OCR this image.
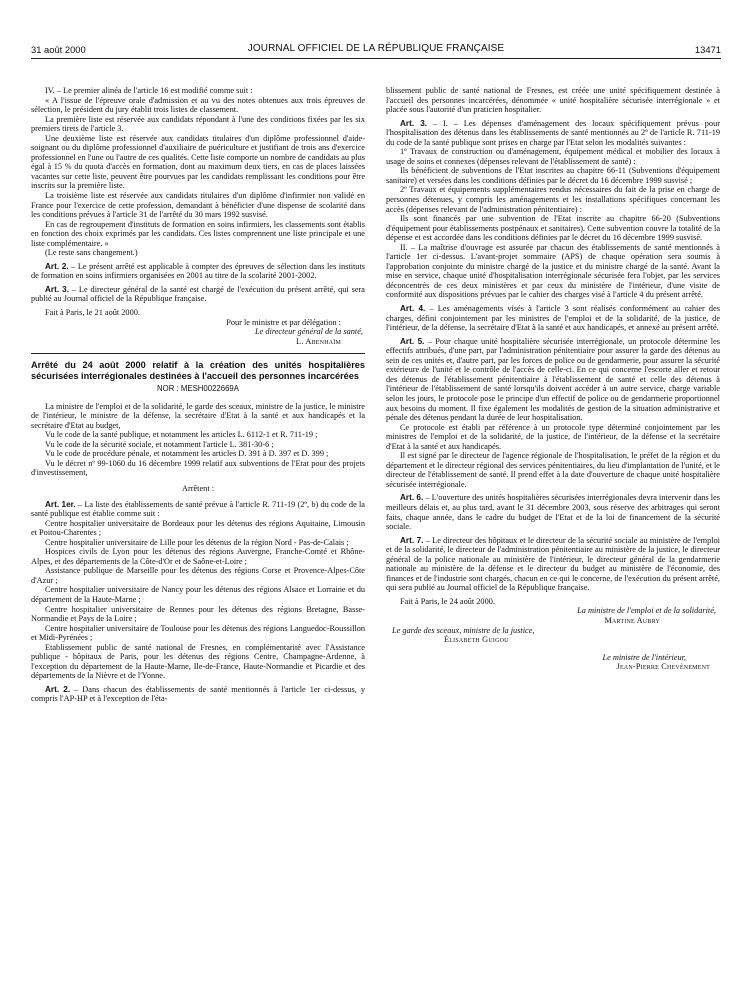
31 août 2000	JOURNAL OFFICIEL DE LA RÉPUBLIQUE FRANÇAISE	13471

IV. – Le premier alinéa de l'article 16 est modifié comme suit :

« A l'issue de l'épreuve orale d'admission et au vu des notes obtenues aux trois épreuves de sélection, le président du jury établit trois listes de classement.

La première liste est réservée aux candidats répondant à l'une des conditions fixées par les six premiers tirets de l'article 3.

Une deuxième liste est réservée aux candidats titulaires d'un diplôme professionnel d'aide-soignant ou du diplôme professionnel d'auxiliaire de puériculture et justifiant de trois ans d'exercice professionnel en l'une ou l'autre de ces qualités. Cette liste comporte un nombre de candidats au plus égal à 15 % du quota d'accès en formation, dont au maximum deux tiers, en cas de places laissées vacantes sur cette liste, peuvent être pourvues par les candidats remplissant les conditions pour être inscrits sur la première liste.

La troisième liste est réservée aux candidats titulaires d'un diplôme d'infirmier non validé en France pour l'exercice de cette profession, demandant à bénéficier d'une dispense de scolarité dans les conditions prévues à l'article 31 de l'arrêté du 30 mars 1992 susvisé.

En cas de regroupement d'instituts de formation en soins infirmiers, les classements sont établis en fonction des choix exprimés par les candidats. Ces listes comprennent une liste principale et une liste complémentaire. »

(Le reste sans changement.)

Art. 2. – Le présent arrêté est applicable à compter des épreuves de sélection dans les instituts de formation en soins infirmiers organisées en 2001 au titre de la scolarité 2001-2002.

Art. 3. – Le directeur général de la santé est chargé de l'exécution du présent arrêté, qui sera publié au Journal officiel de la République française.

Fait à Paris, le 21 août 2000.

Pour le ministre et par délégation :

Le directeur général de la santé,

L. Abenhaïm

Arrêté du 24 août 2000 relatif à la création des unités hospitalières sécurisées interrégionales destinées à l'accueil des personnes incarcérées
NOR : MESH0022669A

La ministre de l'emploi et de la solidarité, le garde des sceaux, ministre de la justice, le ministre de l'intérieur, le ministre de la défense, la secrétaire d'Etat à la santé et aux handicapés et la secrétaire d'Etat au budget,

Vu le code de la santé publique, et notamment les articles L. 6112-1 et R. 711-19 ;

Vu le code de la sécurité sociale, et notamment l'article L. 381-30-6 ;

Vu le code de procédure pénale, et notamment les articles D. 391 à D. 397 et D. 399 ;

Vu le décret nº 99-1060 du 16 décembre 1999 relatif aux subventions de l'Etat pour des projets d'investissement,

Arrêtent :

Art. 1er. – La liste des établissements de santé prévue à l'article R. 711-19 (2º, b) du code de la santé publique est établie comme suit :

Centre hospitalier universitaire de Bordeaux pour les détenus des régions Aquitaine, Limousin et Poitou-Charentes ;

Centre hospitalier universitaire de Lille pour les détenus de la région Nord - Pas-de-Calais ;

Hospices civils de Lyon pour les détenus des régions Auvergne, Franche-Comté et Rhône-Alpes, et des départements de la Côte-d'Or et de Saône-et-Loire ;

Assistance publique de Marseille pour les détenus des régions Corse et Provence-Alpes-Côte d'Azur ;

Centre hospitalier universitaire de Nancy pour les détenus des régions Alsace et Lorraine et du département de la Haute-Marne ;

Centre hospitalier universitaire de Rennes pour les détenus des régions Bretagne, Basse-Normandie et Pays de la Loire ;

Centre hospitalier universitaire de Toulouse pour les détenus des régions Languedoc-Roussillon et Midi-Pyrénées ;

Etablissement public de santé national de Fresnes, en complémentarité avec l'Assistance publique - hôpitaux de Paris, pour les détenus des régions Centre, Champagne-Ardenne, à l'exception du département de la Haute-Marne, Ile-de-France, Haute-Normandie et Picardie et des départements de la Nièvre et de l'Yonne.

Art. 2. – Dans chacun des établissements de santé mentionnés à l'article 1er ci-dessus, y compris l'AP-HP et à l'exception de l'éta-

blissement public de santé national de Fresnes, est créée une unité spécifiquement destinée à l'accueil des personnes incarcérées, dénommée « unité hospitalière sécurisée interrégionale » et placée sous l'autorité d'un praticien hospitalier.

Art. 3. – I. – Les dépenses d'aménagement des locaux spécifiquement prévus pour l'hospitalisation des détenus dans les établissements de santé mentionnés au 2º de l'article R. 711-19 du code de la santé publique sont prises en charge par l'Etat selon les modalités suivantes :

1º Travaux de construction ou d'aménagement, équipement médical et mobilier des locaux à usage de soins et connexes (dépenses relevant de l'établissement de santé) :

Ils bénéficient de subventions de l'Etat inscrites au chapitre 66-11 (Subventions d'équipement sanitaire) et versées dans les conditions définies par le décret du 16 décembre 1999 susvisé ;

2º Travaux et équipements supplémentaires rendus nécessaires du fait de la prise en charge de personnes détenues, y compris les aménagements et les installations spécifiques concernant les accès (dépenses relevant de l'administration pénitentiaire) :

Ils sont financés par une subvention de l'Etat inscrite au chapitre 66-20 (Subventions d'équipement pour établissements postpénaux et sanitaires). Cette subvention couvre la totalité de la dépense et est accordée dans les conditions définies par le décret du 16 décembre 1999 susvisé.

II. – La maîtrise d'ouvrage est assurée par chacun des établissements de santé mentionnés à l'article 1er ci-dessus. L'avant-projet sommaire (APS) de chaque opération sera soumis à l'approbation conjointe du ministre chargé de la justice et du ministre chargé de la santé. Avant la mise en service, chaque unité d'hospitalisation interrégionale sécurisée fera l'objet, par les services déconcentrés de ces deux ministères et par ceux du ministère de l'intérieur, d'une visite de conformité aux dispositions prévues par le cahier des charges visé à l'article 4 du présent arrêté.

Art. 4. – Les aménagements visés à l'article 3 sont réalisés conformément au cahier des charges, défini conjointement par les ministres de l'emploi et de la solidarité, de la justice, de l'intérieur, de la défense, la secrétaire d'Etat à la santé et aux handicapés, et annexé au présent arrêté.

Art. 5. – Pour chaque unité hospitalière sécurisée interrégionale, un protocole détermine les effectifs attribués, d'une part, par l'administration pénitentiaire pour assurer la garde des détenus au sein de ces unités et, d'autre part, par les forces de police ou de gendarmerie, pour assurer la sécurité extérieure de l'unité et le contrôle de l'accès de celle-ci. En ce qui concerne l'escorte aller et retour des détenus de l'établissement pénitentiaire à l'établissement de santé et celle des détenus à l'intérieur de l'établissement de santé lorsqu'ils doivent accéder à un autre service, charge variable selon les jours, le protocole pose le principe d'un effectif de police ou de gendarmerie proportionnel aux besoins du moment. Il fixe également les modalités de gestion de la situation administrative et pénale des détenus pendant la durée de leur hospitalisation.

Ce protocole est établi par référence à un protocole type déterminé conjointement par les ministres de l'emploi et de la solidarité, de la justice, de l'intérieur, de la défense et la secrétaire d'Etat à la santé et aux handicapés.

Il est signé par le directeur de l'agence régionale de l'hospitalisation, le préfet de la région et du département et le directeur régional des services pénitentiaires, du lieu d'implantation de l'unité, et le directeur de l'établissement de santé. Il prend effet à la date d'ouverture de chaque unité hospitalière sécurisée interrégionale.

Art. 6. – L'ouverture des unités hospitalières sécurisées interrégionales devra intervenir dans les meilleurs délais et, au plus tard, avant le 31 décembre 2003, sous réserve des arbitrages qui seront faits, chaque année, dans le cadre du budget de l'Etat et de la loi de financement de la sécurité sociale.

Art. 7. – Le directeur des hôpitaux et le directeur de la sécurité sociale au ministère de l'emploi et de la solidarité, le directeur de l'administration pénitentiaire au ministère de la justice, le directeur général de la police nationale au ministère de l'intérieur, le directeur général de la gendarmerie nationale au ministère de la défense et le directeur du budget au ministère de l'économie, des finances et de l'industrie sont chargés, chacun en ce qui le concerne, de l'exécution du présent arrêté, qui sera publié au Journal officiel de la République française.

Fait à Paris, le 24 août 2000.

La ministre de l'emploi et de la solidarité,

Martine Aubry

Le garde des sceaux, ministre de la justice,

Élisabeth Guigou

Le ministre de l'intérieur,

Jean-Pierre Chevènement
